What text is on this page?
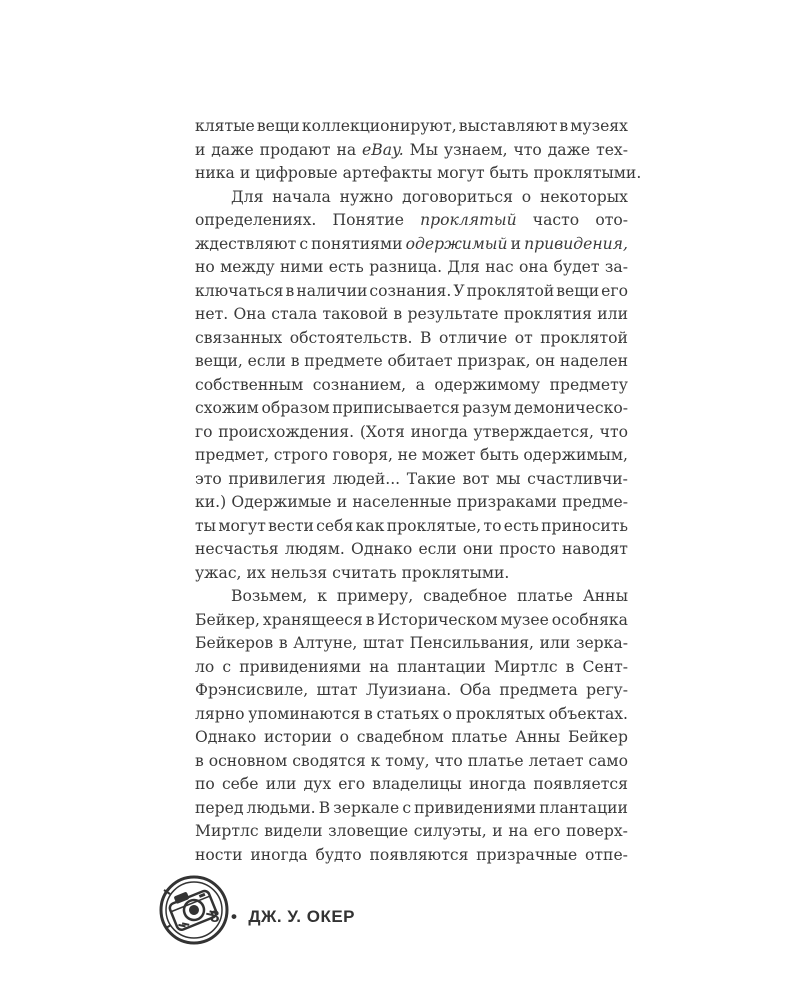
клятые вещи коллекционируют, выставляют в музеях
и даже продают на eBay. Мы узнаем, что даже тех-
ника и цифровые артефакты могут быть проклятыми.
Для начала нужно договориться о некоторых
определениях. Понятие проклятый часто ото-
ждествляют с понятиями одержимый и привидения,
но между ними есть разница. Для нас она будет за-
ключаться в наличии сознания. У проклятой вещи его
нет. Она стала таковой в результате проклятия или
связанных обстоятельств. В отличие от проклятой
вещи, если в предмете обитает призрак, он наделен
собственным сознанием, а одержимому предмету
схожим образом приписывается разум демоническо-
го происхождения. (Хотя иногда утверждается, что
предмет, строго говоря, не может быть одержимым,
это привилегия людей... Такие вот мы счастливчи-
ки.) Одержимые и населенные призраками предме-
ты могут вести себя как проклятые, то есть приносить
несчастья людям. Однако если они просто наводят
ужас, их нельзя считать проклятыми.
Возьмем, к примеру, свадебное платье Анны
Бейкер, хранящееся в Историческом музее особняка
Бейкеров в Алтуне, штат Пенсильвания, или зерка-
ло с привидениями на плантации Миртлс в Сент-
Фрэнсисвиле, штат Луизиана. Оба предмета регу-
лярно упоминаются в статьях о проклятых объектах.
Однако истории о свадебном платье Анны Бейкер
в основном сводятся к тому, что платье летает само
по себе или дух его владелицы иногда появляется
перед людьми. В зеркале с привидениями плантации
Миртлс видели зловещие силуэты, и на его поверх-
ности иногда будто появляются призрачные отпе-
8 • ДЖ. У. ОКЕР
